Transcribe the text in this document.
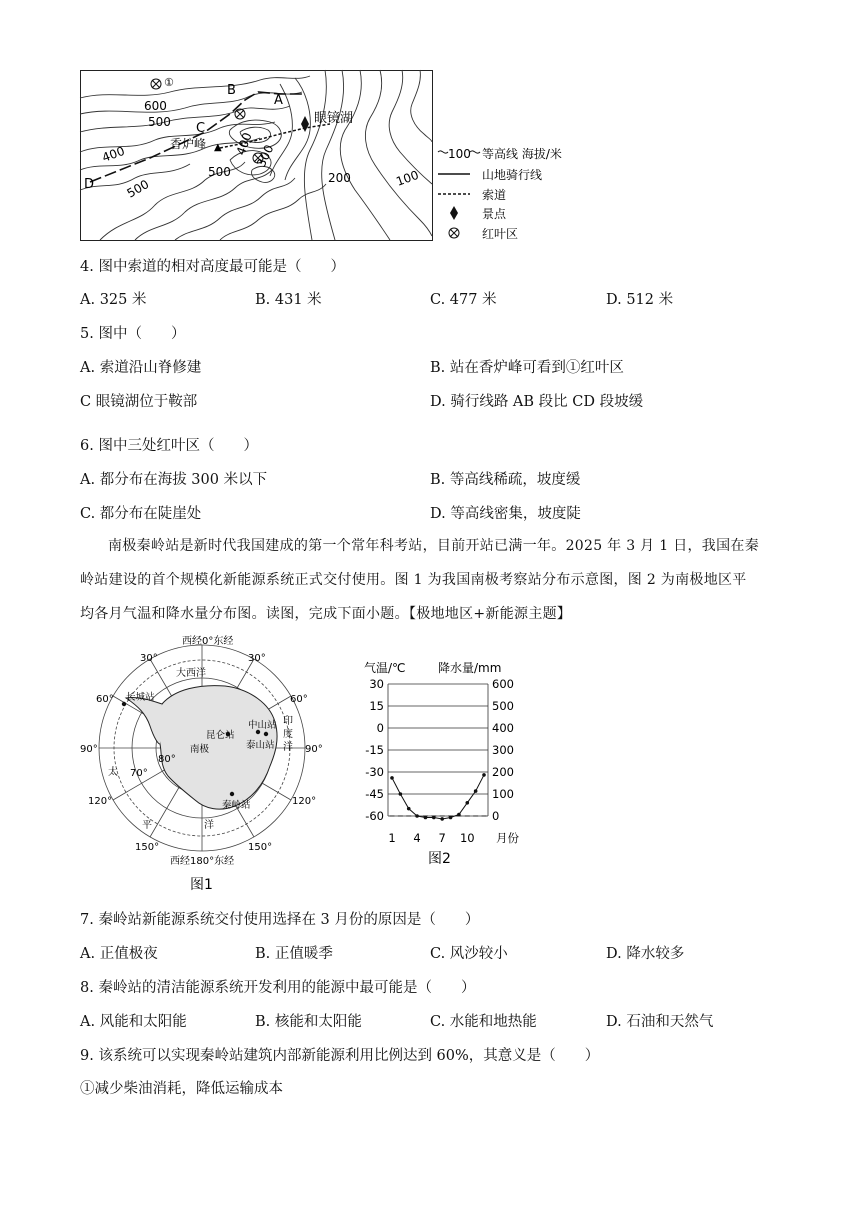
①
B
A
C
D
600
500
400
500
500
400 300
200	100
香炉峰 ▲
眼镜湖
100 等高线 海拔/米
山地骑行线
索道
景点
红叶区
4. 图中索道的相对高度最可能是（　　）
A. 325 米	B. 431 米	C. 477 米	D. 512 米
5. 图中（　　）
A. 索道沿山脊修建	B. 站在香炉峰可看到①红叶区
C 眼镜湖位于鞍部	D. 骑行线路 AB 段比 CD 段坡缓
6. 图中三处红叶区（　　）
A. 都分布在海拔 300 米以下	B. 等高线稀疏，坡度缓
C. 都分布在陡崖处	D. 等高线密集，坡度陡
南极秦岭站是新时代我国建成的第一个常年科考站，目前开站已满一年。2025 年 3 月 1 日，我国在秦
岭站建设的首个规模化新能源系统正式交付使用。图 1 为我国南极考察站分布示意图，图 2 为南极地区平
均各月气温和降水量分布图。读图，完成下面小题。【极地地区+新能源主题】
西经0°东经
西经180°东经
30°
60°
90°
120°
150°
30°
60°
90°
120°
150°
80°
70°
大西洋
印
度
洋
太
平	洋
长城站
昆仑站
中山站
泰山站
秦岭站
南极
图1
气温/℃	降水量/mm
30
15
0
-15
-30
-45
-60
600
500
400
300
200
100
0
1 4 7 10 月份
图2
7. 秦岭站新能源系统交付使用选择在 3 月份的原因是（　　）
A. 正值极夜	B. 正值暖季	C. 风沙较小	D. 降水较多
8. 秦岭站的清洁能源系统开发利用的能源中最可能是（　　）
A. 风能和太阳能	B. 核能和太阳能	C. 水能和地热能	D. 石油和天然气
9. 该系统可以实现秦岭站建筑内部新能源利用比例达到 60%，其意义是（　　）
①减少柴油消耗，降低运输成本
